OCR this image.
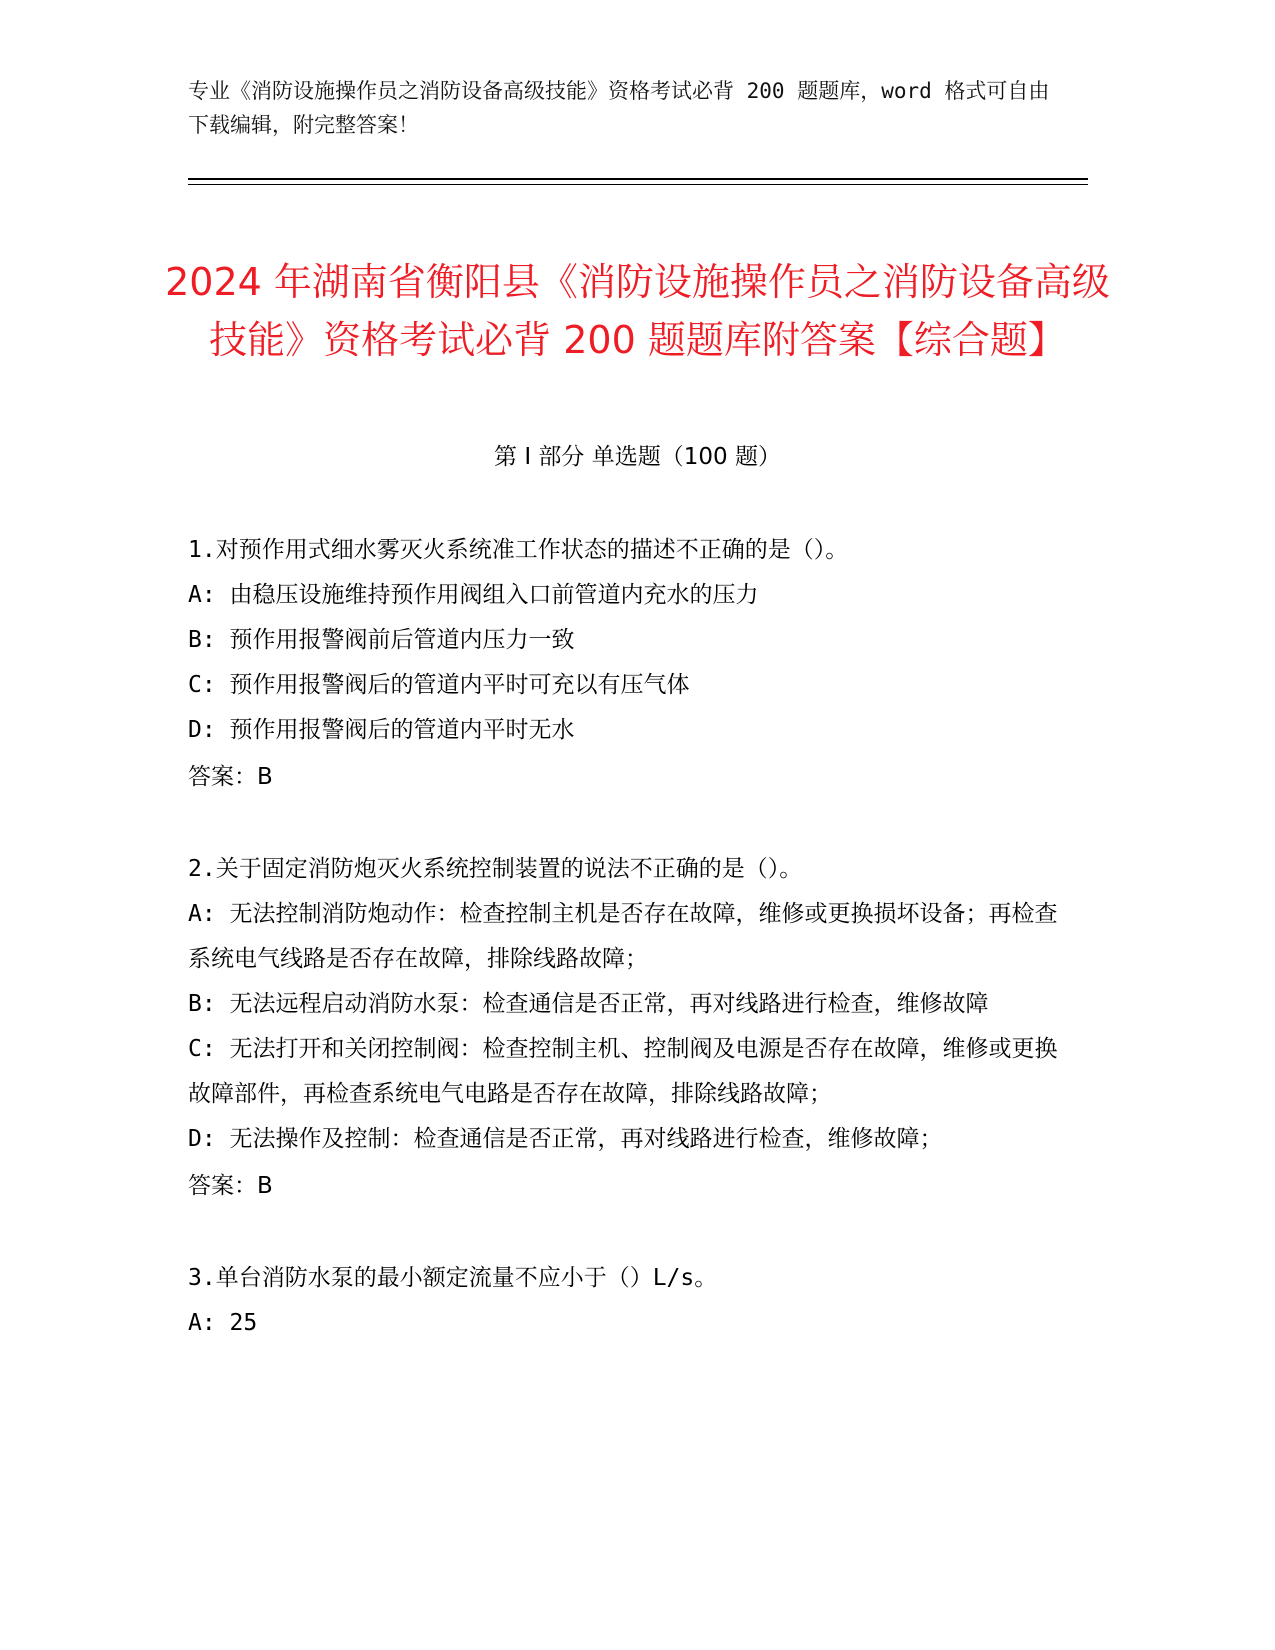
专业《消防设施操作员之消防设备高级技能》资格考试必背 200 题题库，word 格式可自由下载编辑，附完整答案！
2024 年湖南省衡阳县《消防设施操作员之消防设备高级技能》资格考试必背 200 题题库附答案【综合题】
第 I 部分 单选题（100 题）
1.对预作用式细水雾灭火系统准工作状态的描述不正确的是（）。
A: 由稳压设施维持预作用阀组入口前管道内充水的压力
B: 预作用报警阀前后管道内压力一致
C: 预作用报警阀后的管道内平时可充以有压气体
D: 预作用报警阀后的管道内平时无水
答案：B
2.关于固定消防炮灭火系统控制装置的说法不正确的是（）。
A: 无法控制消防炮动作：检查控制主机是否存在故障，维修或更换损坏设备；再检查系统电气线路是否存在故障，排除线路故障；
B: 无法远程启动消防水泵：检查通信是否正常，再对线路进行检查，维修故障
C: 无法打开和关闭控制阀：检查控制主机、控制阀及电源是否存在故障，维修或更换故障部件，再检查系统电气电路是否存在故障，排除线路故障；
D: 无法操作及控制：检查通信是否正常，再对线路进行检查，维修故障；
答案：B
3.单台消防水泵的最小额定流量不应小于（）L/s。
A: 25
